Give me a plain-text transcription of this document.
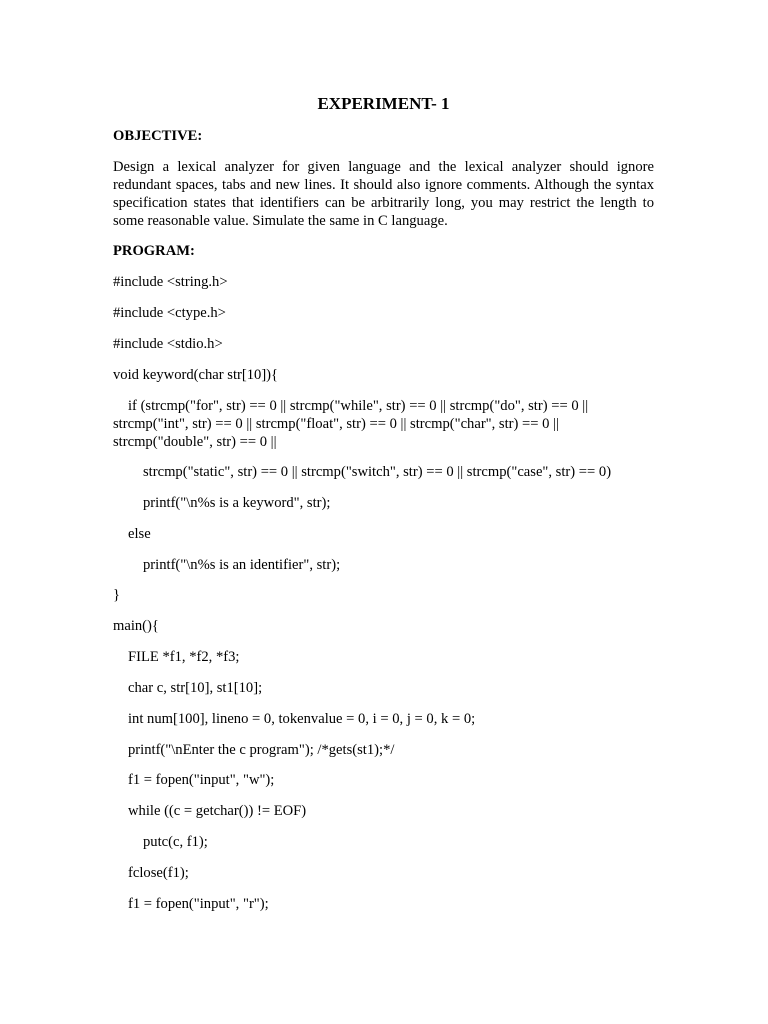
EXPERIMENT- 1
OBJECTIVE:
Design a lexical analyzer for given language and the lexical analyzer should ignore redundant spaces, tabs and new lines. It should also ignore comments. Although the syntax specification states that identifiers can be arbitrarily long, you may restrict the length to some reasonable value. Simulate the same in C language.
PROGRAM:
#include <string.h>
#include <ctype.h>
#include <stdio.h>
void keyword(char str[10]){
if (strcmp("for", str) == 0 || strcmp("while", str) == 0 || strcmp("do", str) == 0 || strcmp("int", str) == 0 || strcmp("float", str) == 0 || strcmp("char", str) == 0 || strcmp("double", str) == 0 ||
strcmp("static", str) == 0 || strcmp("switch", str) == 0 || strcmp("case", str) == 0)
printf("\n%s is a keyword", str);
else
printf("\n%s is an identifier", str);
}
main(){
FILE *f1, *f2, *f3;
char c, str[10], st1[10];
int num[100], lineno = 0, tokenvalue = 0, i = 0, j = 0, k = 0;
printf("\nEnter the c program"); /*gets(st1);*/
f1 = fopen("input", "w");
while ((c = getchar()) != EOF)
putc(c, f1);
fclose(f1);
f1 = fopen("input", "r");
